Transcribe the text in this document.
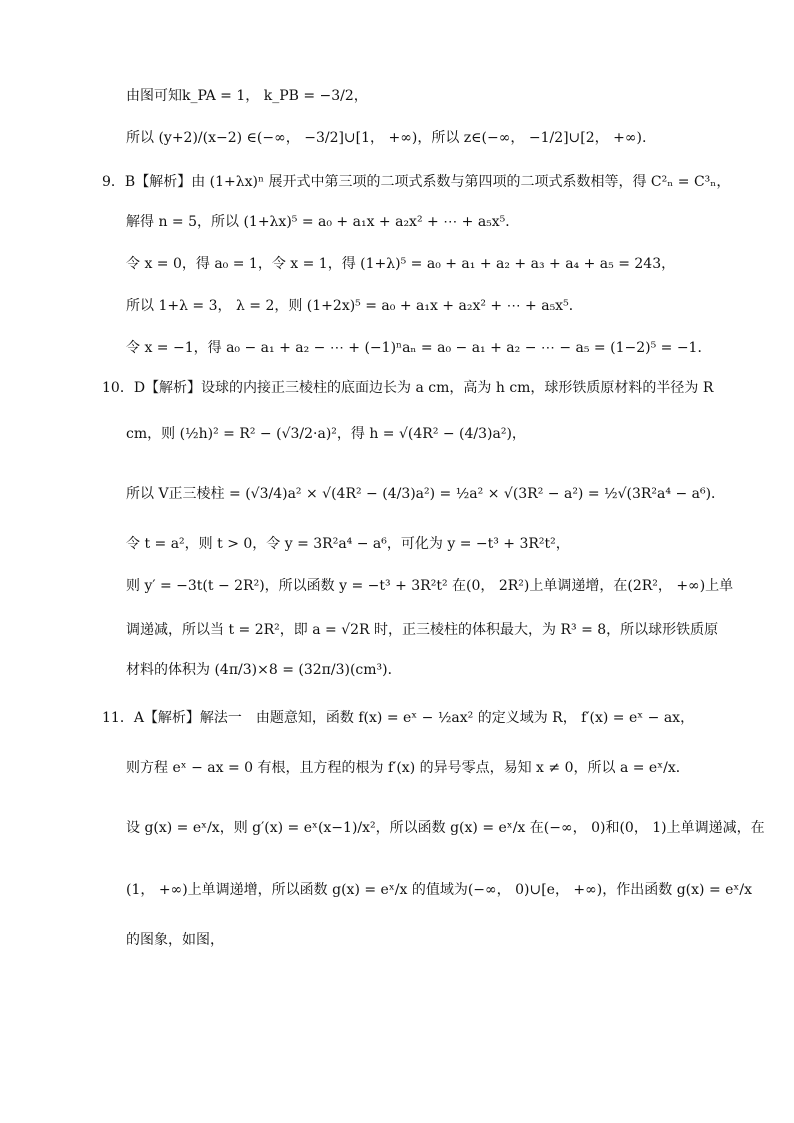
由图可知k_PA = 1， k_PB = −3/2，
所以 (y+2)/(x−2) ∈(−∞， −3/2]∪[1， +∞)，所以 z∈(−∞， −1/2]∪[2， +∞).
9．B【解析】由 (1+λx)ⁿ 展开式中第三项的二项式系数与第四项的二项式系数相等，得 C²ₙ = C³ₙ，
解得 n = 5，所以 (1+λx)⁵ = a₀ + a₁x + a₂x² + ⋯ + a₅x⁵．
令 x = 0，得 a₀ = 1，令 x = 1，得 (1+λ)⁵ = a₀ + a₁ + a₂ + a₃ + a₄ + a₅ = 243，
所以 1+λ = 3， λ = 2，则 (1+2x)⁵ = a₀ + a₁x + a₂x² + ⋯ + a₅x⁵．
令 x = −1，得 a₀ − a₁ + a₂ − ⋯ + (−1)ⁿaₙ = a₀ − a₁ + a₂ − ⋯ − a₅ = (1−2)⁵ = −1．
10．D【解析】设球的内接正三棱柱的底面边长为 a cm，高为 h cm，球形铁质原材料的半径为 R
cm，则 (½h)² = R² − (√3/2·a)²，得 h = √(4R² − (4/3)a²)，
所以 V正三棱柱 = (√3/4)a² × √(4R² − (4/3)a²) = ½a² × √(3R² − a²) = ½√(3R²a⁴ − a⁶)．
令 t = a²，则 t > 0，令 y = 3R²a⁴ − a⁶，可化为 y = −t³ + 3R²t²，
则 y′ = −3t(t − 2R²)，所以函数 y = −t³ + 3R²t² 在(0， 2R²)上单调递增，在(2R²， +∞)上单
调递减，所以当 t = 2R²，即 a = √2R 时，正三棱柱的体积最大，为 R³ = 8，所以球形铁质原
材料的体积为 (4π/3)×8 = (32π/3)(cm³)．
11．A【解析】解法一　由题意知，函数 f(x) = eˣ − ½ax² 的定义域为 R， f′(x) = eˣ − ax，
则方程 eˣ − ax = 0 有根，且方程的根为 f′(x) 的异号零点，易知 x ≠ 0，所以 a = eˣ/x．
设 g(x) = eˣ/x，则 g′(x) = eˣ(x−1)/x²，所以函数 g(x) = eˣ/x 在(−∞， 0)和(0， 1)上单调递减，在
(1， +∞)上单调递增，所以函数 g(x) = eˣ/x 的值域为(−∞， 0)∪[e， +∞)，作出函数 g(x) = eˣ/x
的图象，如图，
